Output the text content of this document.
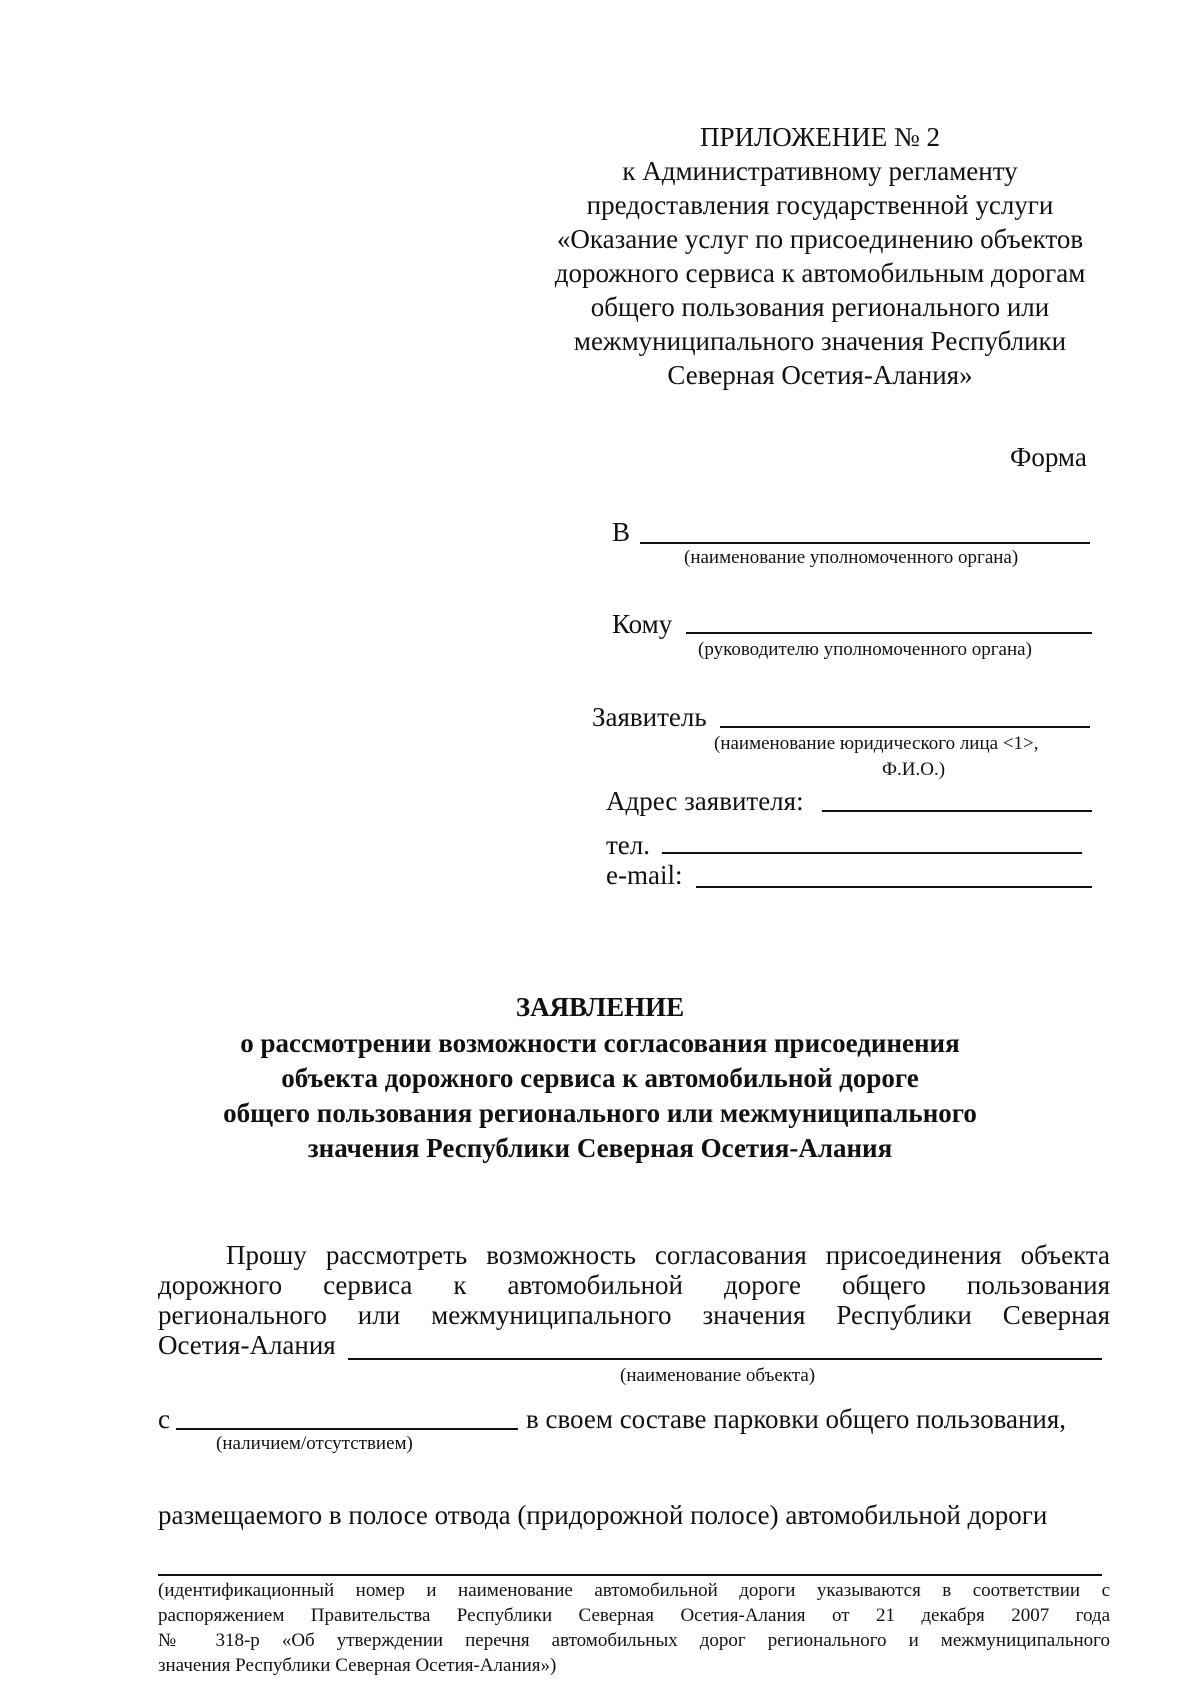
ПРИЛОЖЕНИЕ № 2
к Административному регламенту
предоставления государственной услуги
«Оказание услуг по присоединению объектов
дорожного сервиса к автомобильным дорогам
общего пользования регионального или
межмуниципального значения Республики
Северная Осетия-Алания»
Форма
В
(наименование уполномоченного органа)
Кому
(руководителю уполномоченного органа)
Заявитель
(наименование юридического лица <1>,
Ф.И.О.)
Адрес заявителя:
тел.
e-mail:
ЗАЯВЛЕНИЕ
о рассмотрении возможности согласования присоединения
объекта дорожного сервиса к автомобильной дороге
общего пользования регионального или межмуниципального
значения Республики Северная Осетия-Алания
Прошу рассмотреть возможность согласования присоединения объекта
дорожного сервиса к автомобильной дороге общего пользования
регионального или межмуниципального значения Республики Северная
Осетия-Алания
(наименование объекта)
с	в своем составе парковки общего пользования,
(наличием/отсутствием)
размещаемого в полосе отвода (придорожной полосе) автомобильной дороги
(идентификационный номер и наименование автомобильной дороги указываются в соответствии с
распоряжением Правительства Республики Северная Осетия-Алания от 21 декабря 2007 года
№ 318-р «Об утверждении перечня автомобильных дорог регионального и межмуниципального
значения Республики Северная Осетия-Алания»)
